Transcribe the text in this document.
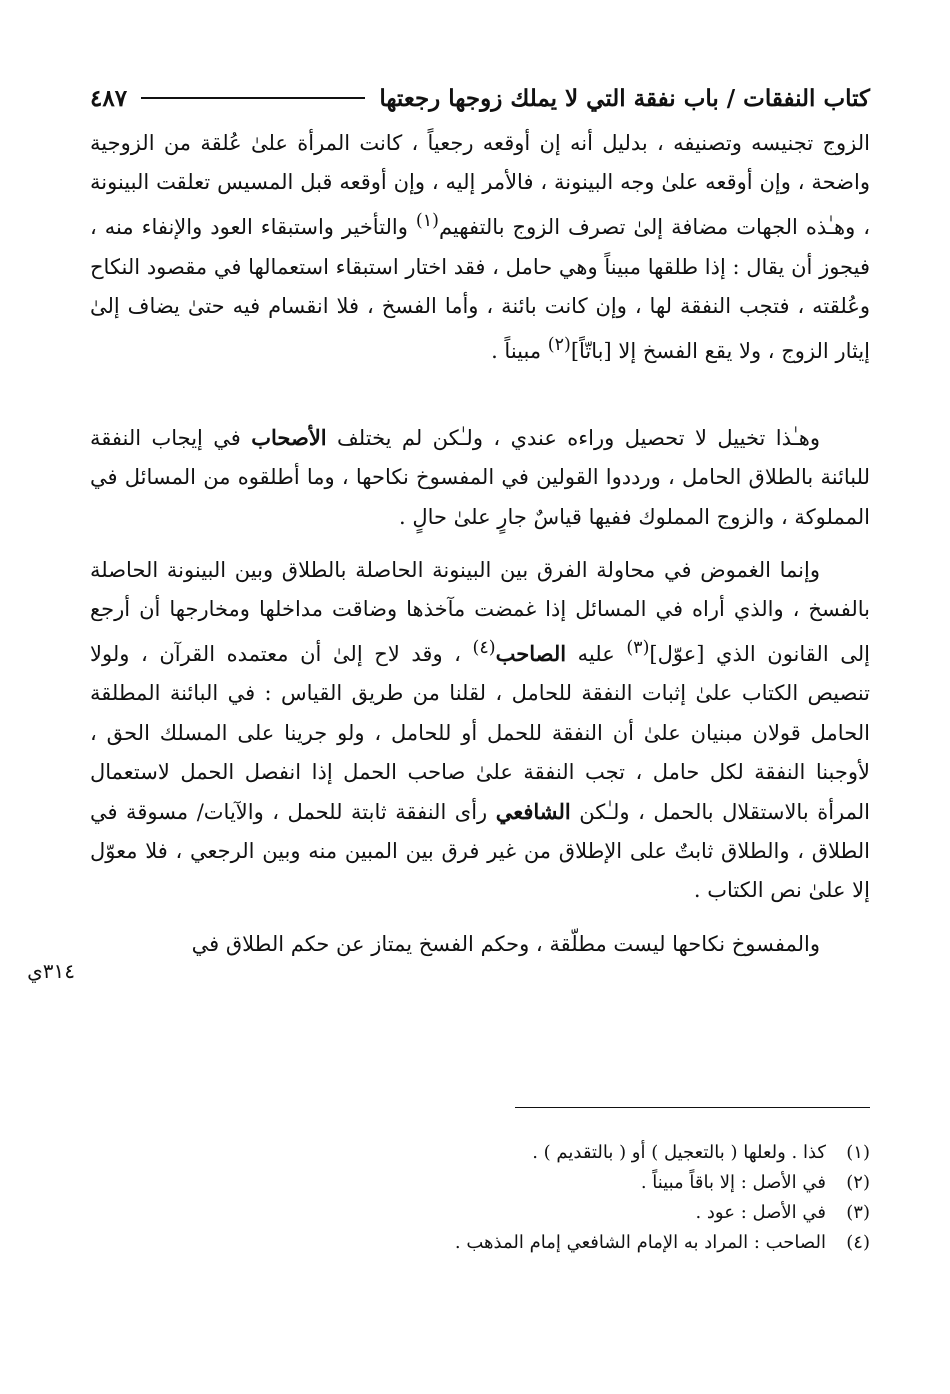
كتاب النفقات / باب نفقة التي لا يملك زوجها رجعتها
٤٨٧

الزوج تجنيسه وتصنيفه ، بدليل أنه إن أوقعه رجعياً ، كانت المرأة علىٰ عُلقة من الزوجية واضحة ، وإن أوقعه علىٰ وجه البينونة ، فالأمر إليه ، وإن أوقعه قبل المسيس تعلقت البينونة ، وهـٰذه الجهات مضافة إلىٰ تصرف الزوج بالتفهيم$^{(١)}$ والتأخير واستبقاء العود والإنفاء منه ، فيجوز أن يقال : إذا طلقها مبيناً وهي حامل ، فقد اختار استبقاء استعمالها في مقصود النكاح وعُلقته ، فتجب النفقة لها ، وإن كانت بائنة ، وأما الفسخ ، فلا انقسام فيه حتىٰ يضاف إلىٰ إيثار الزوج ، ولا يقع الفسخ إلا [باتّاً]$^{(٢)}$ مبيناً .

وهـٰذا تخييل لا تحصيل وراءه عندي ، ولـٰكن لم يختلف الأصحاب في إيجاب النفقة للبائنة بالطلاق الحامل ، ورددوا القولين في المفسوخ نكاحها ، وما أطلقوه من المسائل في المملوكة ، والزوج المملوك ففيها قياسٌ جارٍ علىٰ حالٍ .

وإنما الغموض في محاولة الفرق بين البينونة الحاصلة بالطلاق وبين البينونة الحاصلة بالفسخ ، والذي أراه في المسائل إذا غمضت مآخذها وضاقت مداخلها ومخارجها أن أرجع إلى القانون الذي [عوّل]$^{(٣)}$ عليه الصاحب$^{(٤)}$ ، وقد لاح إلىٰ أن معتمده القرآن ، ولولا تنصيص الكتاب علىٰ إثبات النفقة للحامل ، لقلنا من طريق القياس : في البائنة المطلقة الحامل قولان مبنيان علىٰ أن النفقة للحمل أو للحامل ، ولو جرينا على المسلك الحق ، لأوجبنا النفقة لكل حامل ، تجب النفقة علىٰ صاحب الحمل إذا انفصل الحمل لاستعمال المرأة بالاستقلال بالحمل ، ولـٰكن الشافعي رأى النفقة ثابتة للحمل ، والآيات/ مسوقة في الطلاق ، والطلاق ثابتٌ على الإطلاق من غير فرق بين المبين منه وبين الرجعي ، فلا معوّل إلا علىٰ نص الكتاب .

والمفسوخ نكاحها ليست مطلّقة ، وحكم الفسخ يمتاز عن حكم الطلاق في

٣١٤ي

(١)
كذا . ولعلها ( بالتعجيل ) أو ( بالتقديم ) .

(٢)
في الأصل : إلا باقاً مبيناً .

(٣)
في الأصل : عود .

(٤)
الصاحب : المراد به الإمام الشافعي إمام المذهب .
